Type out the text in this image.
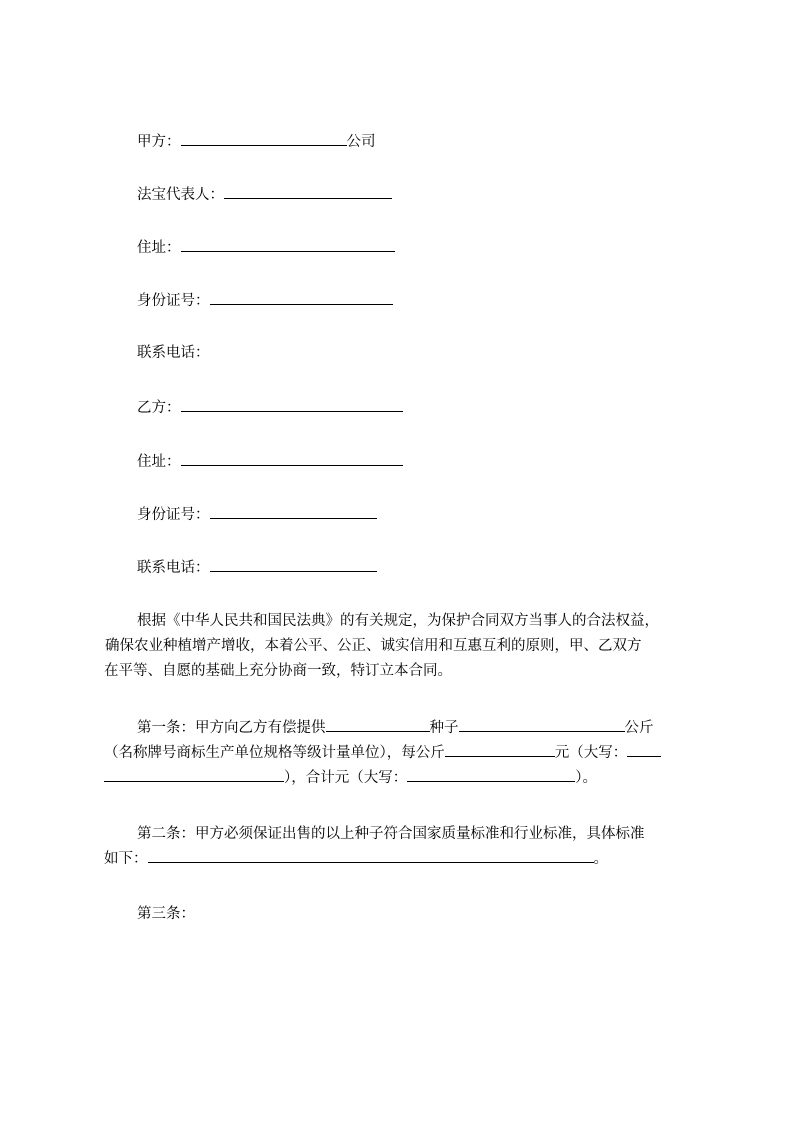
甲方：	公司
法宝代表人：
住址：
身份证号：
联系电话：
乙方：
住址：
身份证号：
联系电话：
根据《中华人民共和国民法典》的有关规定，为保护合同双方当事人的合法权益，
确保农业种植增产增收，本着公平、公正、诚实信用和互惠互利的原则，甲、乙双方
在平等、自愿的基础上充分协商一致，特订立本合同。
第一条：甲方向乙方有偿提供	种子	公斤
（名称牌号商标生产单位规格等级计量单位），每公斤	元（大写：
），合计元（大写：	）。
第二条：甲方必须保证出售的以上种子符合国家质量标准和行业标准，具体标准
如下：	。
第三条：
